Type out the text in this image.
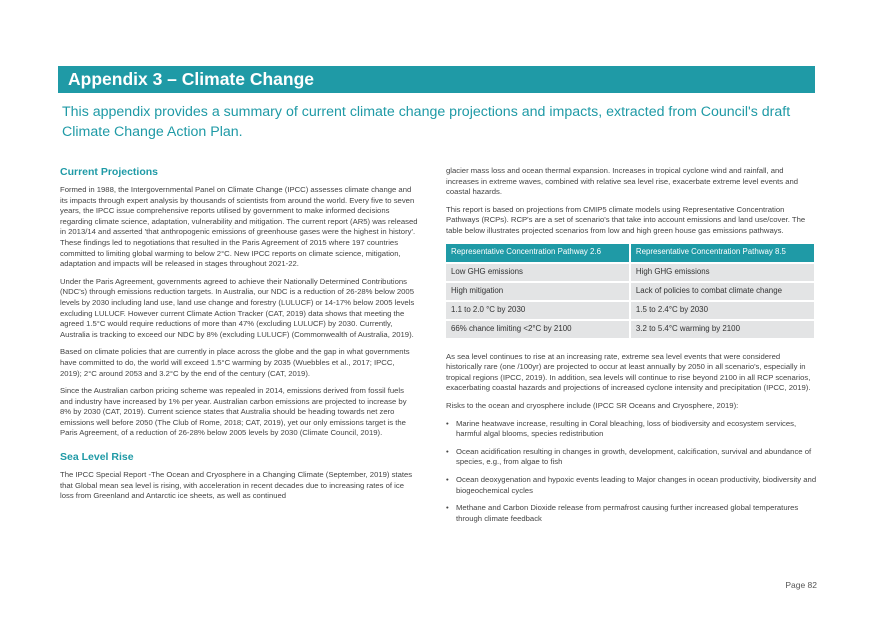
Appendix 3 – Climate Change
This appendix provides a summary of current climate change projections and impacts, extracted from Council's draft Climate Change Action Plan.
Current Projections

Formed in 1988, the Intergovernmental Panel on Climate Change (IPCC) assesses climate change and its impacts through expert analysis by thousands of scientists from around the world. Every five to seven years, the IPCC issue comprehensive reports utilised by government to make informed decisions regarding climate science, adaptation, vulnerability and mitigation. The current report (AR5) was released in 2013/14 and asserted 'that anthropogenic emissions of greenhouse gases were the highest in history'. These findings led to negotiations that resulted in the Paris Agreement of 2015 where 197 countries committed to limiting global warming to below 2°C. New IPCC reports on climate science, mitigation, adaptation and impacts will be released in stages throughout 2021-22.

Under the Paris Agreement, governments agreed to achieve their Nationally Determined Contributions (NDC's) through emissions reduction targets. In Australia, our NDC is a reduction of 26-28% below 2005 levels by 2030 including land use, land use change and forestry (LULUCF) or 14-17% below 2005 levels excluding LULUCF. However current Climate Action Tracker (CAT, 2019) data shows that meeting the agreed 1.5°C would require reductions of more than 47% (excluding LULUCF) by 2030. Currently, Australia is tracking to exceed our NDC by 8% (excluding LULUCF) (Commonwealth of Australia, 2019).

Based on climate policies that are currently in place across the globe and the gap in what governments have committed to do, the world will exceed 1.5°C warming by 2035 (Wuebbles et al., 2017; IPCC, 2019); 2°C around 2053 and 3.2°C by the end of the century (CAT, 2019).

Since the Australian carbon pricing scheme was repealed in 2014, emissions derived from fossil fuels and industry have increased by 1% per year. Australian carbon emissions are projected to increase by 8% by 2030 (CAT, 2019). Current science states that Australia should be heading towards net zero emissions well before 2050 (The Club of Rome, 2018; CAT, 2019), yet our only emissions target is the Paris Agreement, of a reduction of 26-28% below 2005 levels by 2030 (Climate Council, 2019).

Sea Level Rise

The IPCC Special Report -The Ocean and Cryosphere in a Changing Climate (September, 2019) states that Global mean sea level is rising, with acceleration in recent decades due to increasing rates of ice loss from Greenland and Antarctic ice sheets, as well as continued

glacier mass loss and ocean thermal expansion. Increases in tropical cyclone wind and rainfall, and increases in extreme waves, combined with relative sea level rise, exacerbate extreme level events and coastal hazards.

This report is based on projections from CMIP5 climate models using Representative Concentration Pathways (RCPs). RCP's are a set of scenario's that take into account emissions and land use/cover. The table below illustrates projected scenarios from low and high green house gas emissions pathways.

Representative Concentration Pathway 2.6	Representative Concentration Pathway 8.5
Low GHG emissions	High GHG emissions
High mitigation	Lack of policies to combat climate change
1.1 to 2.0 °C by 2030	1.5 to 2.4°C by 2030
66% chance limiting <2°C by 2100	3.2 to 5.4°C warming by 2100

As sea level continues to rise at an increasing rate, extreme sea level events that were considered historically rare (one /100yr) are projected to occur at least annually by 2050 in all scenario's, especially in tropical regions (IPCC, 2019). In addition, sea levels will continue to rise beyond 2100 in all RCP scenarios, exacerbating coastal hazards and projections of increased cyclone intensity and precipitation (IPCC, 2019).

Risks to the ocean and cryosphere include (IPCC SR Oceans and Cryosphere, 2019):

• Marine heatwave increase, resulting in Coral bleaching, loss of biodiversity and ecosystem services, harmful algal blooms, species redistribution
• Ocean acidification resulting in changes in growth, development, calcification, survival and abundance of species, e.g., from algae to fish
• Ocean deoxygenation and hypoxic events leading to Major changes in ocean productivity, biodiversity and biogeochemical cycles
• Methane and Carbon Dioxide release from permafrost causing further increased global temperatures through climate feedback
Page 82
